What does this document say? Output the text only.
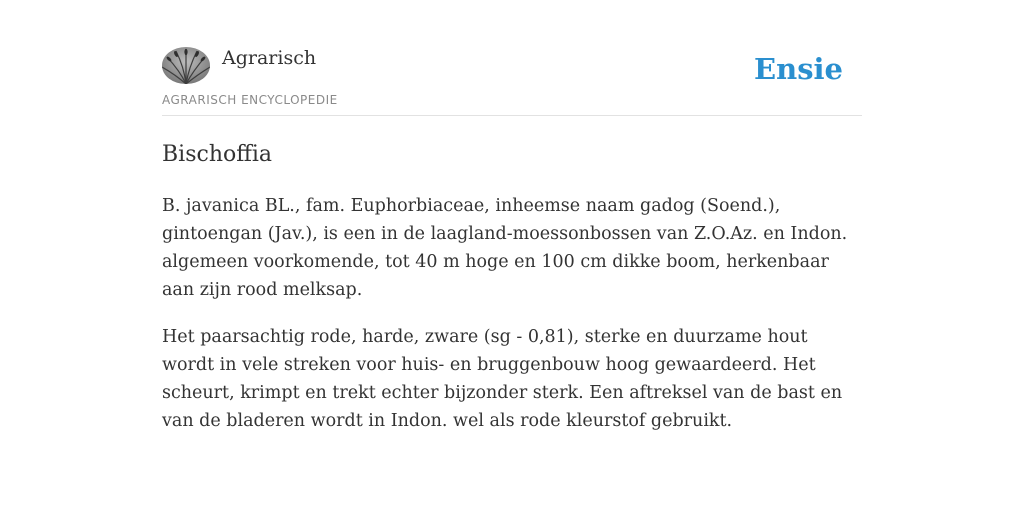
Agrarisch
AGRARISCH ENCYCLOPEDIE
Ensie
Bischoffia

B. javanica BL., fam. Euphorbiaceae, inheemse naam gadog (Soend.), gintoengan (Jav.), is een in de laagland-moessonbossen van Z.O.Az. en Indon. algemeen voorkomende, tot 40 m hoge en 100 cm dikke boom, herkenbaar aan zijn rood melksap.

Het paarsachtig rode, harde, zware (sg - 0,81), sterke en duurzame hout wordt in vele streken voor huis- en bruggenbouw hoog gewaardeerd. Het scheurt, krimpt en trekt echter bijzonder sterk. Een aftreksel van de bast en van de bladeren wordt in Indon. wel als rode kleurstof gebruikt.
